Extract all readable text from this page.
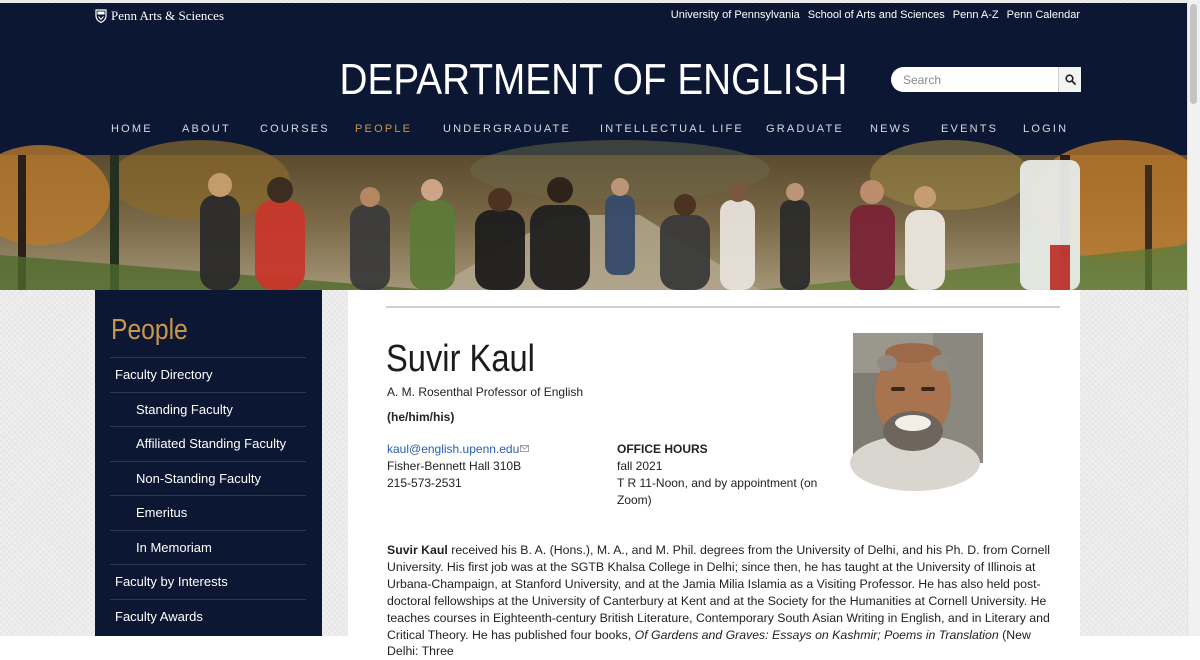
Penn Arts & Sciences	University of Pennsylvania School of Arts and Sciences Penn A-Z Penn Calendar
DEPARTMENT OF ENGLISH
Search
HOME	ABOUT	COURSES PEOPLE	UNDERGRADUATE	INTELLECTUAL LIFE GRADUATE NEWS	EVENTS LOGIN
People
Faculty Directory
Standing Faculty
Affiliated Standing Faculty
Non-Standing Faculty
Emeritus
In Memoriam
Faculty by Interests
Faculty Awards
Suvir Kaul
A. M. Rosenthal Professor of English
(he/him/his)
kaul@english.upenn.edu
Fisher-Bennett Hall 310B
215-573-2531
OFFICE HOURS
fall 2021
T R 11-Noon, and by appointment (on Zoom)
Suvir Kaul received his B. A. (Hons.), M. A., and M. Phil. degrees from the University of Delhi, and his Ph. D. from Cornell University. His first job was at the SGTB Khalsa College in Delhi; since then, he has taught at the University of Illinois at Urbana-Champaign, at Stanford University, and at the Jamia Milia Islamia as a Visiting Professor. He has also held post-doctoral fellowships at the University of Canterbury at Kent and at the Society for the Humanities at Cornell University. He teaches courses in Eighteenth-century British Literature, Contemporary South Asian Writing in English, and in Literary and Critical Theory. He has published four books, Of Gardens and Graves: Essays on Kashmir; Poems in Translation (New Delhi: Three
